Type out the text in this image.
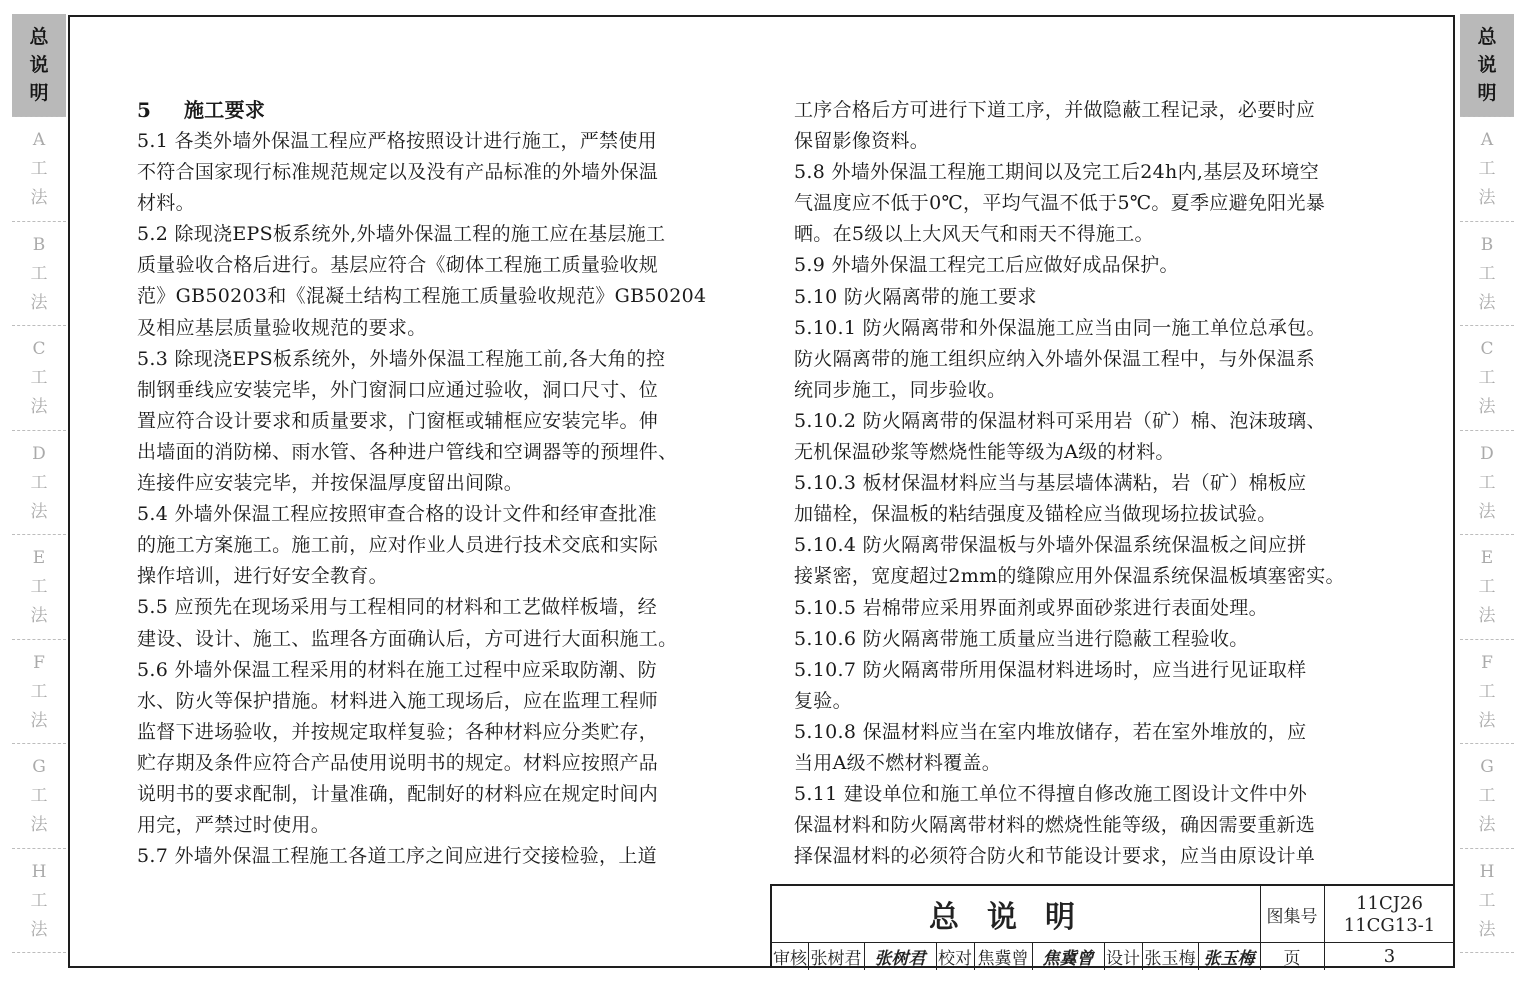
总
说
明
A
工
法
B
工
法
C
工
法
D
工
法
E
工
法
F
工
法
G
工
法
H
工
法
总
说
明
A
工
法
B
工
法
C
工
法
D
工
法
E
工
法
F
工
法
G
工
法
H
工
法
5 施工要求

5.1 各类外墙外保温工程应严格按照设计进行施工，严禁使用

不符合国家现行标准规范规定以及没有产品标准的外墙外保温

材料。

5.2 除现浇EPS板系统外,外墙外保温工程的施工应在基层施工

质量验收合格后进行。基层应符合《砌体工程施工质量验收规

范》GB50203和《混凝土结构工程施工质量验收规范》GB50204

及相应基层质量验收规范的要求。

5.3 除现浇EPS板系统外，外墙外保温工程施工前,各大角的控

制钢垂线应安装完毕，外门窗洞口应通过验收，洞口尺寸、位

置应符合设计要求和质量要求，门窗框或辅框应安装完毕。伸

出墙面的消防梯、雨水管、各种进户管线和空调器等的预埋件、

连接件应安装完毕，并按保温厚度留出间隙。

5.4 外墙外保温工程应按照审查合格的设计文件和经审查批准

的施工方案施工。施工前，应对作业人员进行技术交底和实际

操作培训，进行好安全教育。

5.5 应预先在现场采用与工程相同的材料和工艺做样板墙，经

建设、设计、施工、监理各方面确认后，方可进行大面积施工。

5.6 外墙外保温工程采用的材料在施工过程中应采取防潮、防

水、防火等保护措施。材料进入施工现场后，应在监理工程师

监督下进场验收，并按规定取样复验；各种材料应分类贮存，

贮存期及条件应符合产品使用说明书的规定。材料应按照产品

说明书的要求配制，计量准确，配制好的材料应在规定时间内

用完，严禁过时使用。

5.7 外墙外保温工程施工各道工序之间应进行交接检验，上道

工序合格后方可进行下道工序，并做隐蔽工程记录，必要时应

保留影像资料。

5.8 外墙外保温工程施工期间以及完工后24h内,基层及环境空

气温度应不低于0℃，平均气温不低于5℃。夏季应避免阳光暴

晒。在5级以上大风天气和雨天不得施工。

5.9 外墙外保温工程完工后应做好成品保护。

5.10 防火隔离带的施工要求

5.10.1 防火隔离带和外保温施工应当由同一施工单位总承包。

防火隔离带的施工组织应纳入外墙外保温工程中，与外保温系

统同步施工，同步验收。

5.10.2 防火隔离带的保温材料可采用岩（矿）棉、泡沫玻璃、

无机保温砂浆等燃烧性能等级为A级的材料。

5.10.3 板材保温材料应当与基层墙体满粘，岩（矿）棉板应

加锚栓，保温板的粘结强度及锚栓应当做现场拉拔试验。

5.10.4 防火隔离带保温板与外墙外保温系统保温板之间应拼

接紧密，宽度超过2mm的缝隙应用外保温系统保温板填塞密实。

5.10.5 岩棉带应采用界面剂或界面砂浆进行表面处理。

5.10.6 防火隔离带施工质量应当进行隐蔽工程验收。

5.10.7 防火隔离带所用保温材料进场时，应当进行见证取样

复验。

5.10.8 保温材料应当在室内堆放储存，若在室外堆放的，应

当用A级不燃材料覆盖。

5.11 建设单位和施工单位不得擅自修改施工图设计文件中外

保温材料和防火隔离带材料的燃烧性能等级，确因需要重新选

择保温材料的必须符合防火和节能设计要求，应当由原设计单

总说明	图集号
11CJ26
11CG13-1
审核 张树君 张树君 校对 焦冀曾 焦冀曾 设计 张玉梅 张玉梅	页	3
